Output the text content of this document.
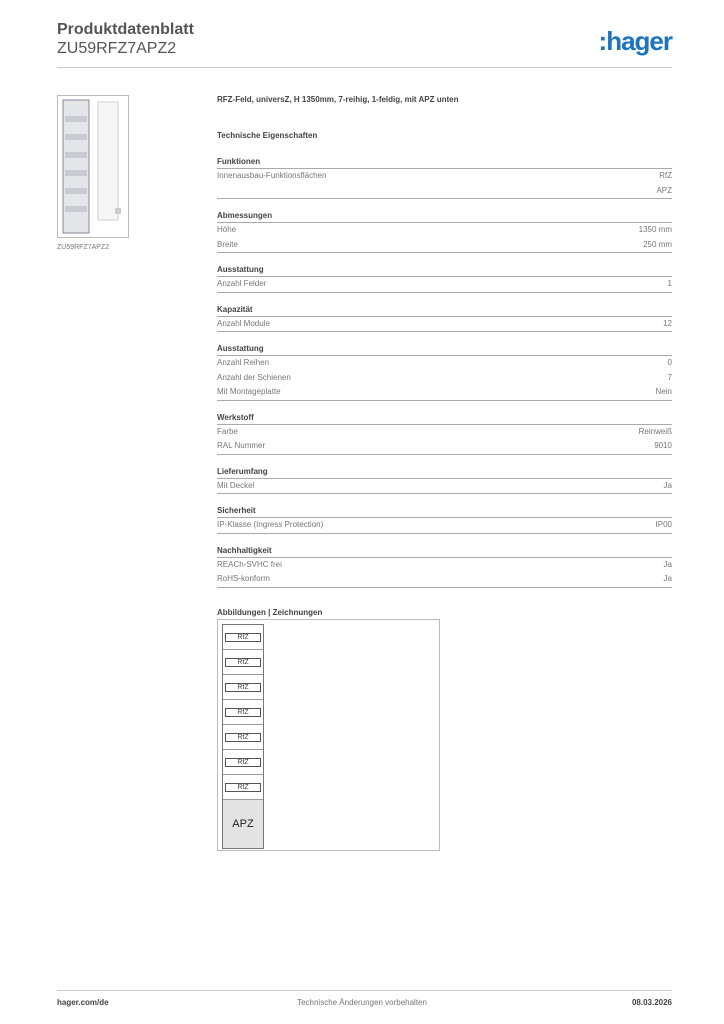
Produktdatenblatt
ZU59RFZ7APZ2	:hager
ZU59RFZ7APZ2
RFZ-Feld, universZ, H 1350mm, 7-reihig, 1-feldig, mit APZ unten
Technische Eigenschaften
Funktionen
Innenausbau-Funktionsflächen	RfZ
APZ
Abmessungen
Höhe	1350 mm
Breite	250 mm
Ausstattung
Anzahl Felder	1
Kapazität
Anzahl Module	12
Ausstattung
Anzahl Reihen	0
Anzahl der Schienen	7
Mit Montageplatte	Nein
Werkstoff
Farbe	Reinweiß
RAL Nummer	9010
Lieferumfang
Mit Deckel	Ja
Sicherheit
IP-Klasse (Ingress Protection)	IP00
Nachhaltigkeit
REACh-SVHC frei	Ja
RoHS-konform	Ja
Abbildungen | Zeichnungen
RfZ
RfZ
RfZ
RfZ
RfZ
RfZ
RfZ
APZ
hager.com/de	Technische Änderungen vorbehalten	08.03.2026
